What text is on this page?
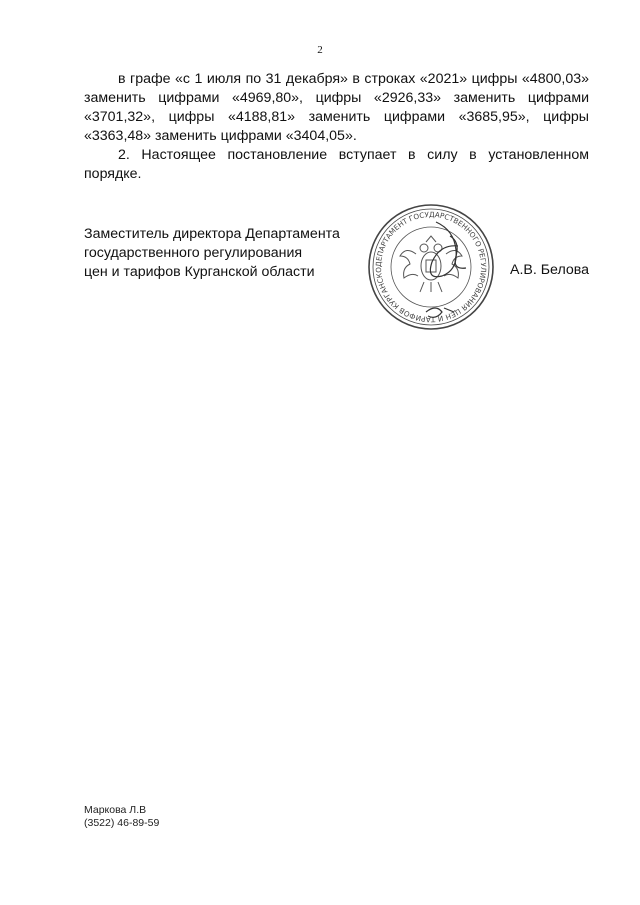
2

в графе «с 1 июля по 31 декабря» в строках «2021» цифры «4800,03» заменить цифрами «4969,80», цифры «2926,33» заменить цифрами «3701,32», цифры «4188,81» заменить цифрами «3685,95», цифры «3363,48» заменить цифрами «3404,05».

2. Настоящее постановление вступает в силу в установленном порядке.

Заместитель директора Департамента
государственного регулирования
цен и тарифов Курганской области	ДЕПАРТАМЕНТ ГОСУДАРСТВЕННОГО РЕГУЛИРОВАНИЯ ЦЕН И ТАРИФОВ КУРГАНСКО	А.В. Белова
Маркова Л.В
(3522) 46-89-59
